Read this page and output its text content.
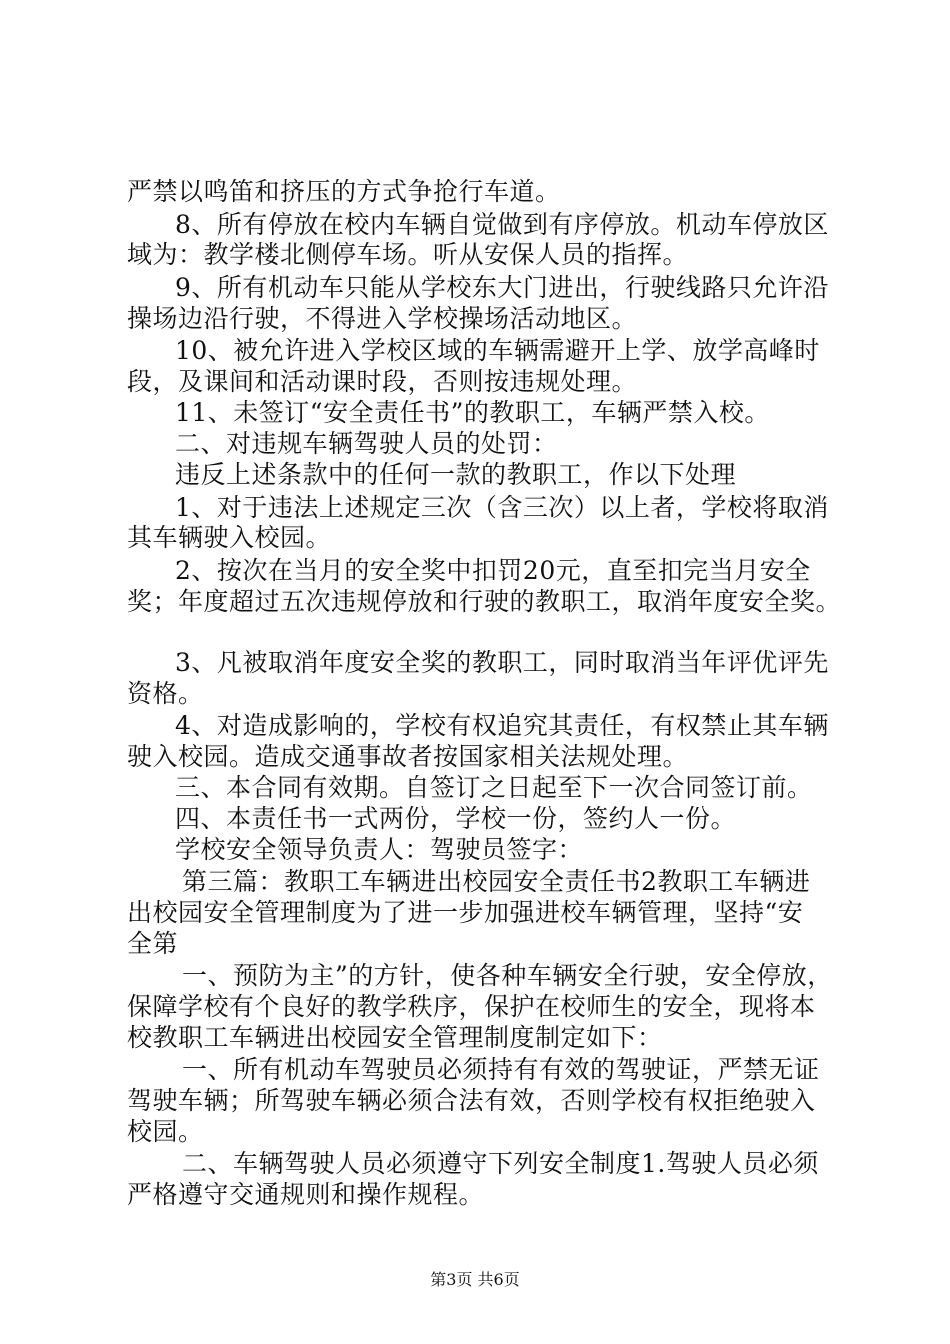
严禁以鸣笛和挤压的方式争抢行车道。
8、所有停放在校内车辆自觉做到有序停放。机动车停放区
域为：教学楼北侧停车场。听从安保人员的指挥。
9、所有机动车只能从学校东大门进出，行驶线路只允许沿
操场边沿行驶，不得进入学校操场活动地区。
10、被允许进入学校区域的车辆需避开上学、放学高峰时
段，及课间和活动课时段，否则按违规处理。
11、未签订“安全责任书”的教职工，车辆严禁入校。
二、对违规车辆驾驶人员的处罚：
违反上述条款中的任何一款的教职工，作以下处理
1、对于违法上述规定三次（含三次）以上者，学校将取消
其车辆驶入校园。
2、按次在当月的安全奖中扣罚20元，直至扣完当月安全
奖；年度超过五次违规停放和行驶的教职工，取消年度安全奖。
3、凡被取消年度安全奖的教职工，同时取消当年评优评先
资格。
4、对造成影响的，学校有权追究其责任，有权禁止其车辆
驶入校园。造成交通事故者按国家相关法规处理。
三、本合同有效期。自签订之日起至下一次合同签订前。
四、本责任书一式两份，学校一份，签约人一份。
学校安全领导负责人：驾驶员签字：
第三篇：教职工车辆进出校园安全责任书2教职工车辆进
出校园安全管理制度为了进一步加强进校车辆管理，坚持“安
全第
一、预防为主”的方针，使各种车辆安全行驶，安全停放，
保障学校有个良好的教学秩序，保护在校师生的安全，现将本
校教职工车辆进出校园安全管理制度制定如下：
一、所有机动车驾驶员必须持有有效的驾驶证，严禁无证
驾驶车辆；所驾驶车辆必须合法有效，否则学校有权拒绝驶入
校园。
二、车辆驾驶人员必须遵守下列安全制度1.驾驶人员必须
严格遵守交通规则和操作规程。
第3页 共6页
